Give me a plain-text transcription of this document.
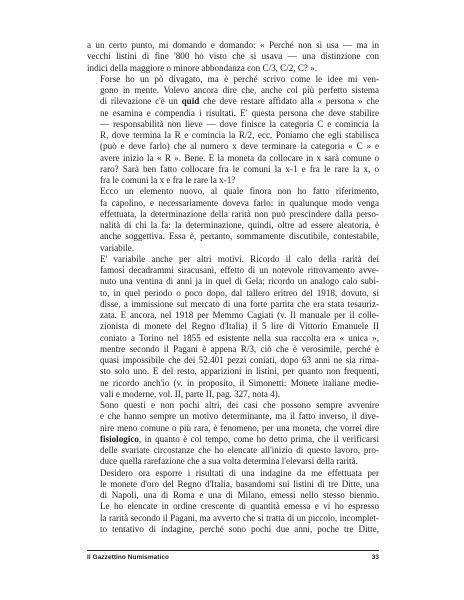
a un certo punto, mi domando e domando: « Perché non si usa — ma in
vecchi listini di fine '800 ho visto che si usava — una distinzione con
indici della maggiore o minore abbondanza con C/3, C/2, C? ».

Forse ho un pò divagato, ma è perché scrivo come le idee mi ven-
gono in mente. Volevo ancora dire che, anche col più perfetto sistema
di rilevazione c'è un quid che deve restare affidato alla « persona » che
ne esamina e compendia i risultati. E' questa persona che deve stabilire
— responsabilità non lieve — dove finisce la categoria C e comincia la
R, dove termina la R e comincia la R/2, ecc. Poniamo che egli stabilisca
(può e deve farlo) che al numero x deve terminare la categoria « C » e
avere inizio la « R ». Bene. E la moneta da collocare in x sarà comune o
raro? Sarà ben fatto collocare fra le comuni la x-1 e fra le rare la x, o
fra le comuni la x e fra le rare la x-1?

Ecco un elemento nuovo, al quale finora non ho fatto riferimento,
fa capolino, e necessariamente doveva farlo: in qualunque modo venga
effettuata, la determinazione della rarità non può prescindere dalla perso-
nalità di chi la fa: la determinazione, quindi, oltre ad essere aleatoria, è
anche soggettiva. Essa è, pertanto, sommamente discutibile, contestabile,
variabile.

E' variabile anche per altri motivi. Ricordo il calo della rarità dei
famosi decadrammi siracusani, effetto di un notevole ritrovamento avve-
nuto una ventina di anni ja in quel di Gela; ricordo un analogo calo subi-
to, in quel periodo o poco dopo, dal tallero eritreo del 1918, dovuto, si
disse, a immissione sul mercato di una forte partita che era stata tesauriz-
zata. E ancora, nel 1918 per Memmo Cagiati (v. Il manuale per il colle-
zionista di monete del Regno d'Italia) il 5 lire di Vittorio Emanuele II
coniato a Torino nel 1855 ed esistente nella sua raccolta era « unica »,
mentre secondo il Pagani è appena R/3, ciò che è verosimile, perché è
quasi impossibile che dei 52.401 pezzi coniati, dopo 63 anni ne sia rima-
sto solo uno. E del resto, apparizioni in listini, per quanto non frequenti,
ne ricordo anch'io (v. in proposito, il Simonetti: Monete italiane medie-
vali e moderne, vol. II, parte II, pag. 327, nota 4).

Sono questi e non pochi altri, dei casi che possono sempre avvenire
e che hanno sempre un motivo determinante, ma il fatto inverso, il dive-
nire meno comune o più rara, è fenomeno, per una moneta, che vorrei dire
fisiologico, in quanto è col tempo, come ho detto prima, che il verificarsi
delle svariate circostanze che ho elencate all'inizio di questo lavoro, pro-
duce quella rarefazione che a sua volta determina l'elevarsi della rarità.

Desidero ora esporre i risultati di una indagine da me effettuata per
le monete d'oro del Regno d'Italia, basandomi sui listini di tre Ditte, una
di Napoli, una di Roma e una di Milano, emessi nello stesso biennio.
Le ho elencate in ordine crescente di quantità emessa e vi ho espresso
la rarità secondo il Pagani, ma avverto che si tratta di un piccolo, incomplet-
to tentativo di indagine, perché sono pochi due anni, poche tre Ditte,

Il Gazzettino Numismatico	33
